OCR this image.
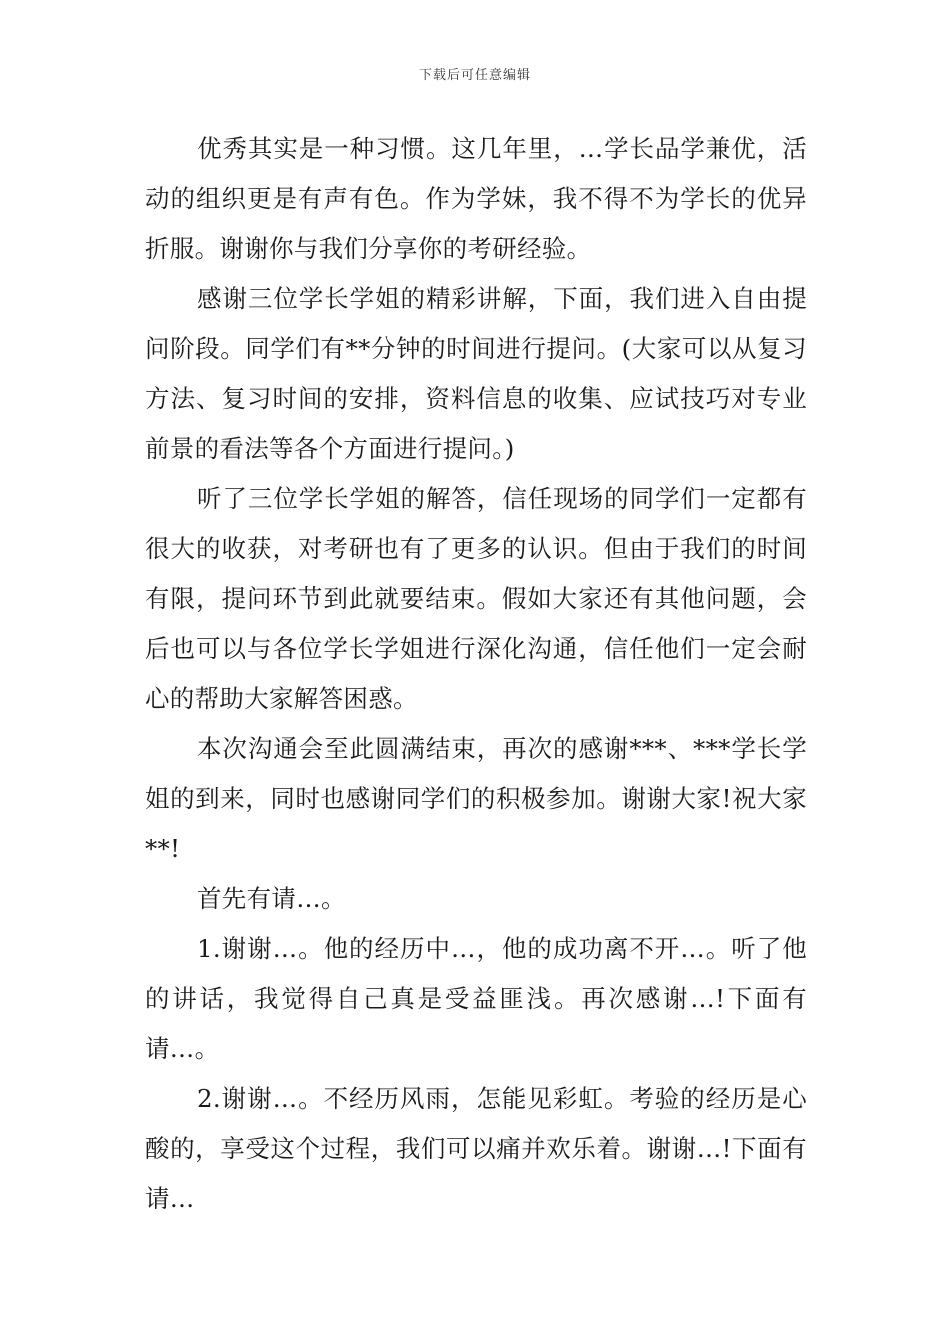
下载后可任意编辑

优秀其实是一种习惯。这几年里，…学长品学兼优，活动的组织更是有声有色。作为学妹，我不得不为学长的优异折服。谢谢你与我们分享你的考研经验。

感谢三位学长学姐的精彩讲解，下面，我们进入自由提问阶段。同学们有**分钟的时间进行提问。(大家可以从复习方法、复习时间的安排，资料信息的收集、应试技巧对专业前景的看法等各个方面进行提问。)

听了三位学长学姐的解答，信任现场的同学们一定都有很大的收获，对考研也有了更多的认识。但由于我们的时间有限，提问环节到此就要结束。假如大家还有其他问题，会后也可以与各位学长学姐进行深化沟通，信任他们一定会耐心的帮助大家解答困惑。

本次沟通会至此圆满结束，再次的感谢***、***学长学姐的到来，同时也感谢同学们的积极参加。谢谢大家!祝大家**!

首先有请…。

1.谢谢…。他的经历中…，他的成功离不开…。听了他的讲话，我觉得自己真是受益匪浅。再次感谢…!下面有请…。

2.谢谢…。不经历风雨，怎能见彩虹。考验的经历是心酸的，享受这个过程，我们可以痛并欢乐着。谢谢…!下面有请…
